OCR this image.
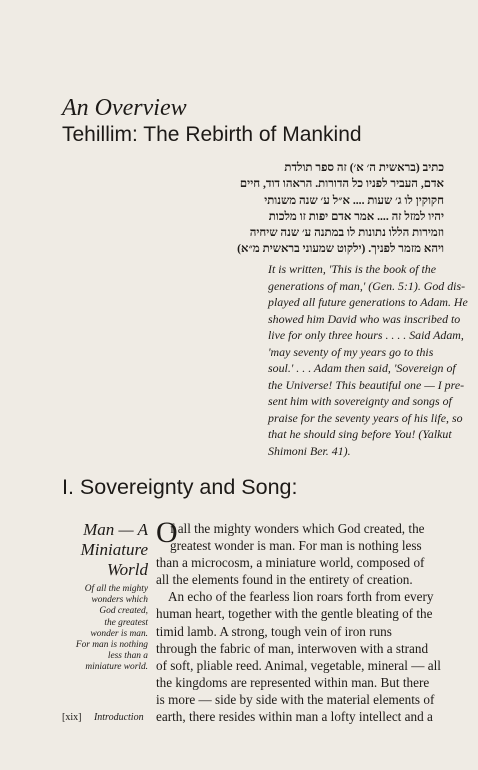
An Overview
Tehillim: The Rebirth of Mankind
כתיב (בראשית ה׳ א׳) זה ספר תולדת
אדם, העביר לפניו כל הדורות. הראהו דוד, חיים
חקוקין לו ג׳ שעות .... א״ל ע׳ שנה משנותי
יהיו למזל זה .... אמר אדם יפות זו מלכות
וזמירות הללו נתונות לו במתנה ע׳ שנה שיחיה
ויהא מזמר לפניך. (ילקוט שמעוני בראשית מ״א)
It is written, 'This is the book of the
generations of man,' (Gen. 5:1). God dis-
played all future generations to Adam. He
showed him David who was inscribed to
live for only three hours . . . . Said Adam,
'may seventy of my years go to this
soul.' . . . Adam then said, 'Sovereign of
the Universe! This beautiful one — I pre-
sent him with sovereignty and songs of
praise for the seventy years of his life, so
that he should sing before You! (Yalkut
Shimoni Ber. 41).
I. Sovereignty and Song:
Man — A
Miniature
World
Of all the mighty
wonders which
God created,
the greatest
wonder is man.
For man is nothing
less than a
miniature world.
O
f all the mighty wonders which God created, the
greatest wonder is man. For man is nothing less
than a microcosm, a miniature world, composed of
all the elements found in the entirety of creation.
An echo of the fearless lion roars forth from every
human heart, together with the gentle bleating of the
timid lamb. A strong, tough vein of iron runs
through the fabric of man, interwoven with a strand
of soft, pliable reed. Animal, vegetable, mineral — all
the kingdoms are represented within man. But there
is more — side by side with the material elements of
earth, there resides within man a lofty intellect and a
[xix] Introduction
